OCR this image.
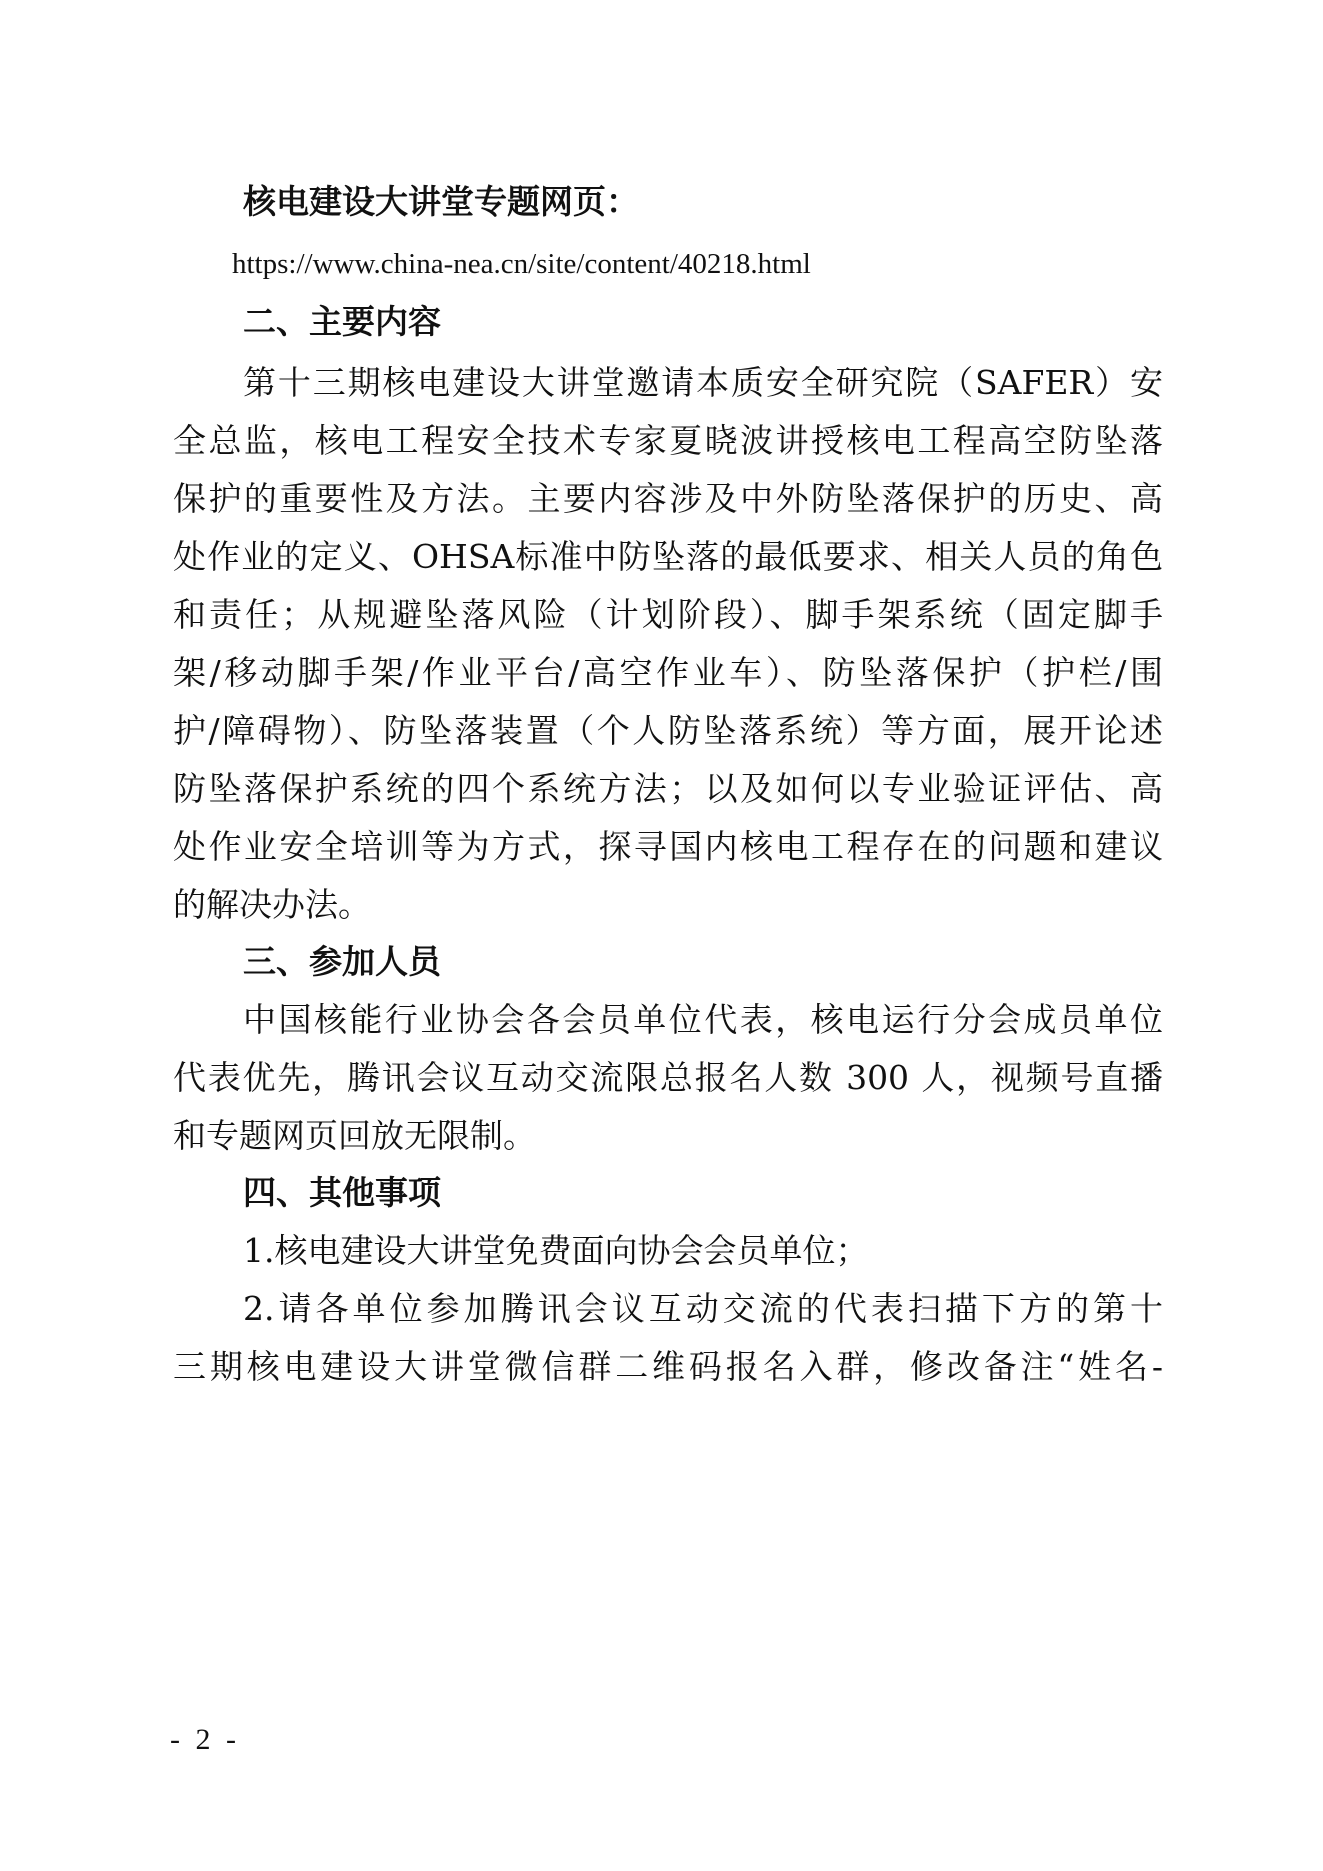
核电建设大讲堂专题网页：
https://www.china-nea.cn/site/content/40218.html
二、主要内容
第十三期核电建设大讲堂邀请本质安全研究院（SAFER）安
全总监，核电工程安全技术专家夏晓波讲授核电工程高空防坠落
保护的重要性及方法。主要内容涉及中外防坠落保护的历史、高
处作业的定义、OHSA标准中防坠落的最低要求、相关人员的角色
和责任；从规避坠落风险（计划阶段）、脚手架系统（固定脚手
架/移动脚手架/作业平台/高空作业车）、防坠落保护（护栏/围
护/障碍物）、防坠落装置（个人防坠落系统）等方面，展开论述
防坠落保护系统的四个系统方法；以及如何以专业验证评估、高
处作业安全培训等为方式，探寻国内核电工程存在的问题和建议
的解决办法。
三、参加人员
中国核能行业协会各会员单位代表，核电运行分会成员单位
代表优先，腾讯会议互动交流限总报名人数 300 人，视频号直播
和专题网页回放无限制。
四、其他事项
1.核电建设大讲堂免费面向协会会员单位；
2.请各单位参加腾讯会议互动交流的代表扫描下方的第十
三期核电建设大讲堂微信群二维码报名入群，修改备注“姓名-
- 2 -
